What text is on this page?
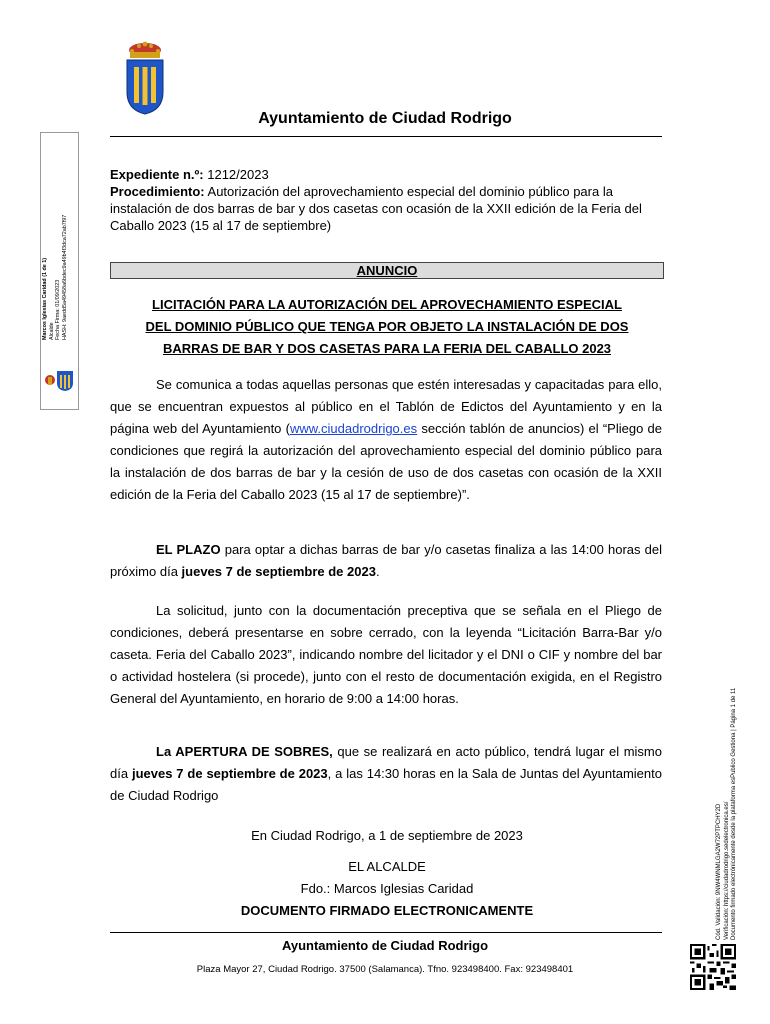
Ayuntamiento de Ciudad Rodrigo
Marcos Iglesias Caridad (1 de 1) Alcalde Fecha Firma: 01/09/2023 HASH: 9aedd5a49458a6bdec9a49b4f3dca72ab7f97
Cód. Validación: 9NW4WNMLGA2W72PTPCHY2D Verificación: https://ciudadrodrigo.sedelectronica.es/ Documento firmado electrónicamente desde la plataforma esPublico Gestiona | Página 1 de 11
Expediente n.º: 1212/2023
Procedimiento: Autorización del aprovechamiento especial del dominio público para la instalación de dos barras de bar y dos casetas con ocasión de la XXII edición de la Feria del Caballo 2023 (15 al 17 de septiembre)
ANUNCIO
LICITACIÓN PARA LA AUTORIZACIÓN DEL APROVECHAMIENTO ESPECIAL
DEL DOMINIO PÚBLICO QUE TENGA POR OBJETO LA INSTALACIÓN DE DOS
BARRAS DE BAR Y DOS CASETAS PARA LA FERIA DEL CABALLO 2023
Se comunica a todas aquellas personas que estén interesadas y capacitadas para ello, que se encuentran expuestos al público en el Tablón de Edictos del Ayuntamiento y en la página web del Ayuntamiento (www.ciudadrodrigo.es sección tablón de anuncios) el “Pliego de condiciones que regirá la autorización del aprovechamiento especial del dominio público para la instalación de dos barras de bar y la cesión de uso de dos casetas con ocasión de la XXII edición de la Feria del Caballo 2023 (15 al 17 de septiembre)”.
EL PLAZO para optar a dichas barras de bar y/o casetas finaliza a las 14:00 horas del próximo día jueves 7 de septiembre de 2023.
La solicitud, junto con la documentación preceptiva que se señala en el Pliego de condiciones, deberá presentarse en sobre cerrado, con la leyenda “Licitación Barra-Bar y/o caseta. Feria del Caballo 2023”, indicando nombre del licitador y el DNI o CIF y nombre del bar o actividad hostelera (si procede), junto con el resto de documentación exigida, en el Registro General del Ayuntamiento, en horario de 9:00 a 14:00 horas.
La APERTURA DE SOBRES, que se realizará en acto público, tendrá lugar el mismo día jueves 7 de septiembre de 2023, a las 14:30 horas en la Sala de Juntas del Ayuntamiento de Ciudad Rodrigo
En Ciudad Rodrigo, a 1 de septiembre de 2023
EL ALCALDE
Fdo.: Marcos Iglesias Caridad
DOCUMENTO FIRMADO ELECTRONICAMENTE
Ayuntamiento de Ciudad Rodrigo
Plaza Mayor 27, Ciudad Rodrigo. 37500 (Salamanca). Tfno. 923498400. Fax: 923498401
